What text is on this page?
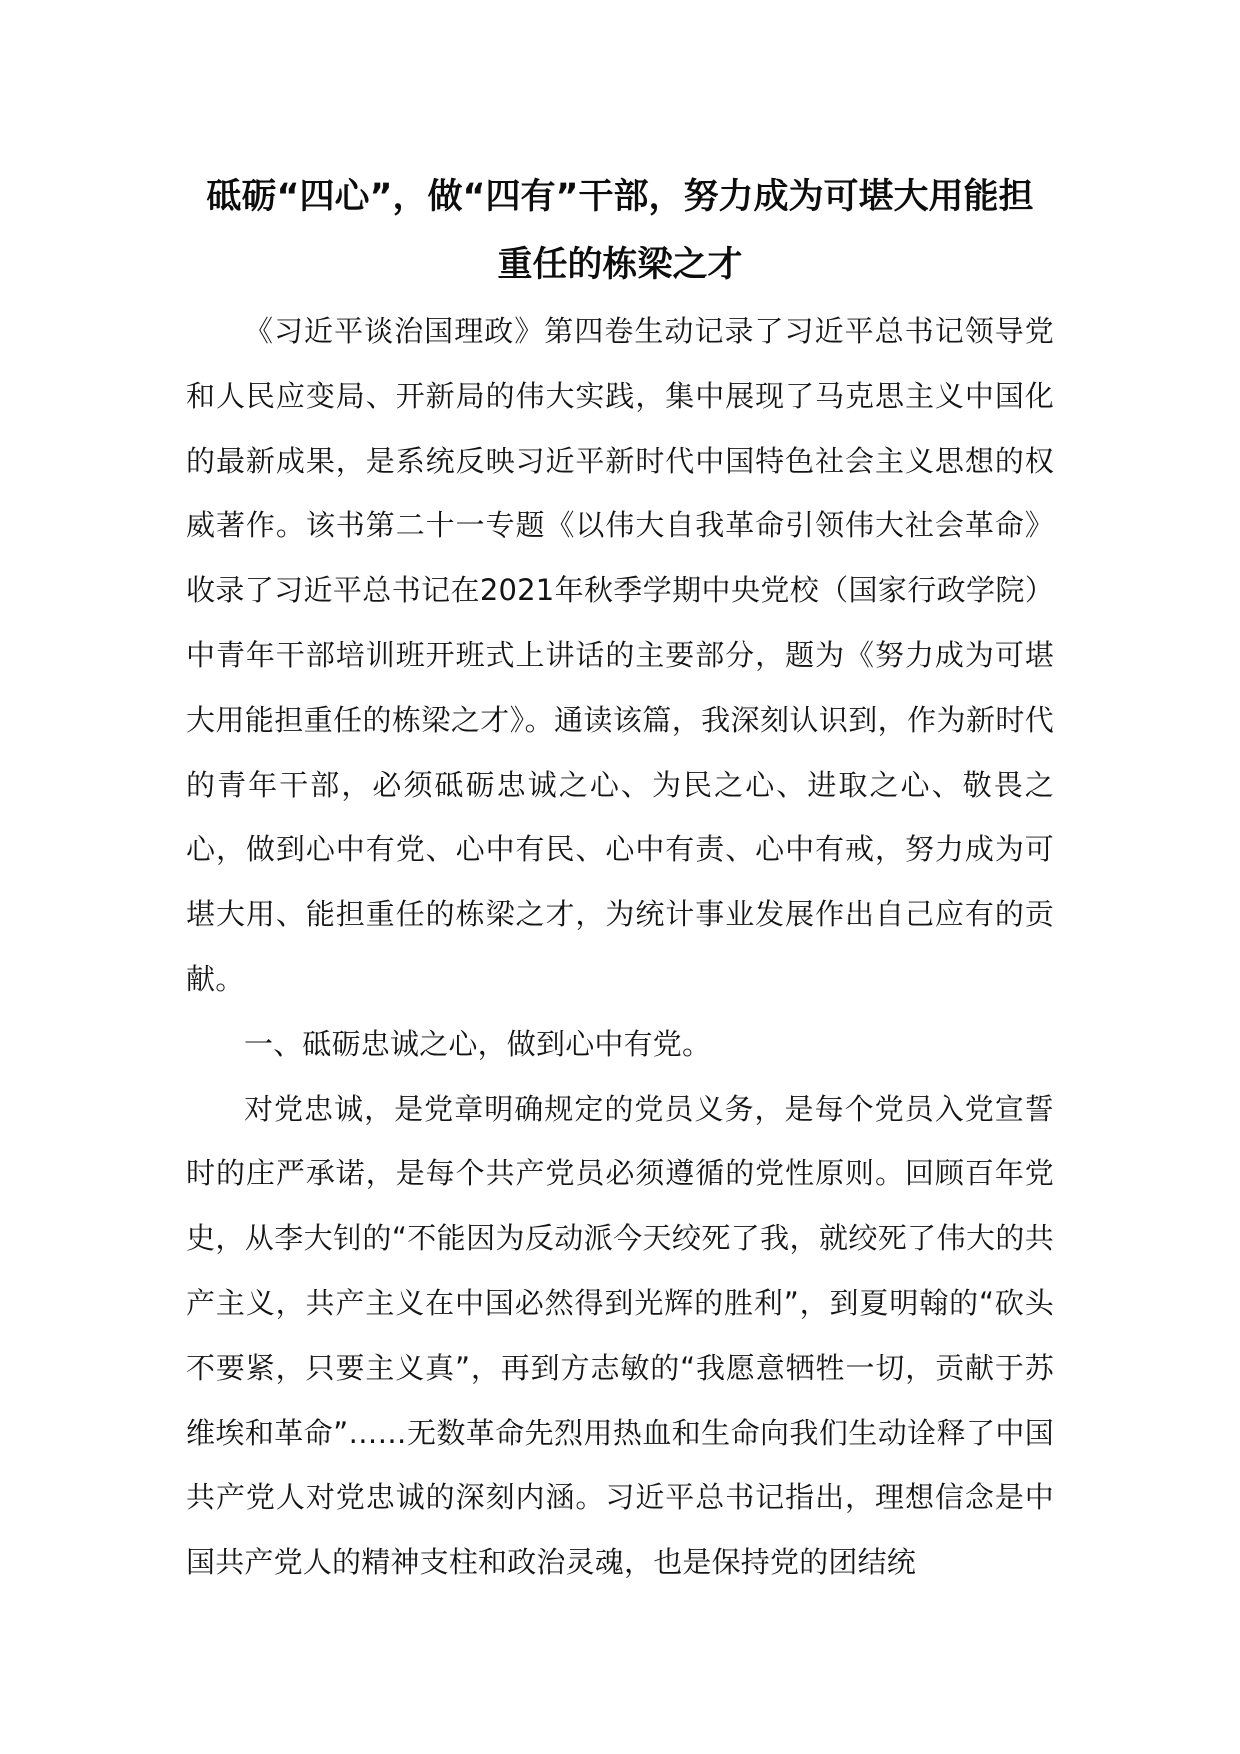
砥砺“四心”，做“四有”干部，努力成为可堪大用能担
重任的栋梁之才

《习近平谈治国理政》第四卷生动记录了习近平总书记领导党和人民应变局、开新局的伟大实践，集中展现了马克思主义中国化的最新成果，是系统反映习近平新时代中国特色社会主义思想的权威著作。该书第二十一专题《以伟大自我革命引领伟大社会革命》收录了习近平总书记在2021年秋季学期中央党校（国家行政学院）中青年干部培训班开班式上讲话的主要部分，题为《努力成为可堪大用能担重任的栋梁之才》。通读该篇，我深刻认识到，作为新时代的青年干部，必须砥砺忠诚之心、为民之心、进取之心、敬畏之心，做到心中有党、心中有民、心中有责、心中有戒，努力成为可堪大用、能担重任的栋梁之才，为统计事业发展作出自己应有的贡献。

一、砥砺忠诚之心，做到心中有党。

对党忠诚，是党章明确规定的党员义务，是每个党员入党宣誓时的庄严承诺，是每个共产党员必须遵循的党性原则。回顾百年党史，从李大钊的“不能因为反动派今天绞死了我，就绞死了伟大的共产主义，共产主义在中国必然得到光辉的胜利”，到夏明翰的“砍头不要紧，只要主义真”，再到方志敏的“我愿意牺牲一切，贡献于苏维埃和革命”……无数革命先烈用热血和生命向我们生动诠释了中国共产党人对党忠诚的深刻内涵。习近平总书记指出，理想信念是中国共产党人的精神支柱和政治灵魂，也是保持党的团结统
